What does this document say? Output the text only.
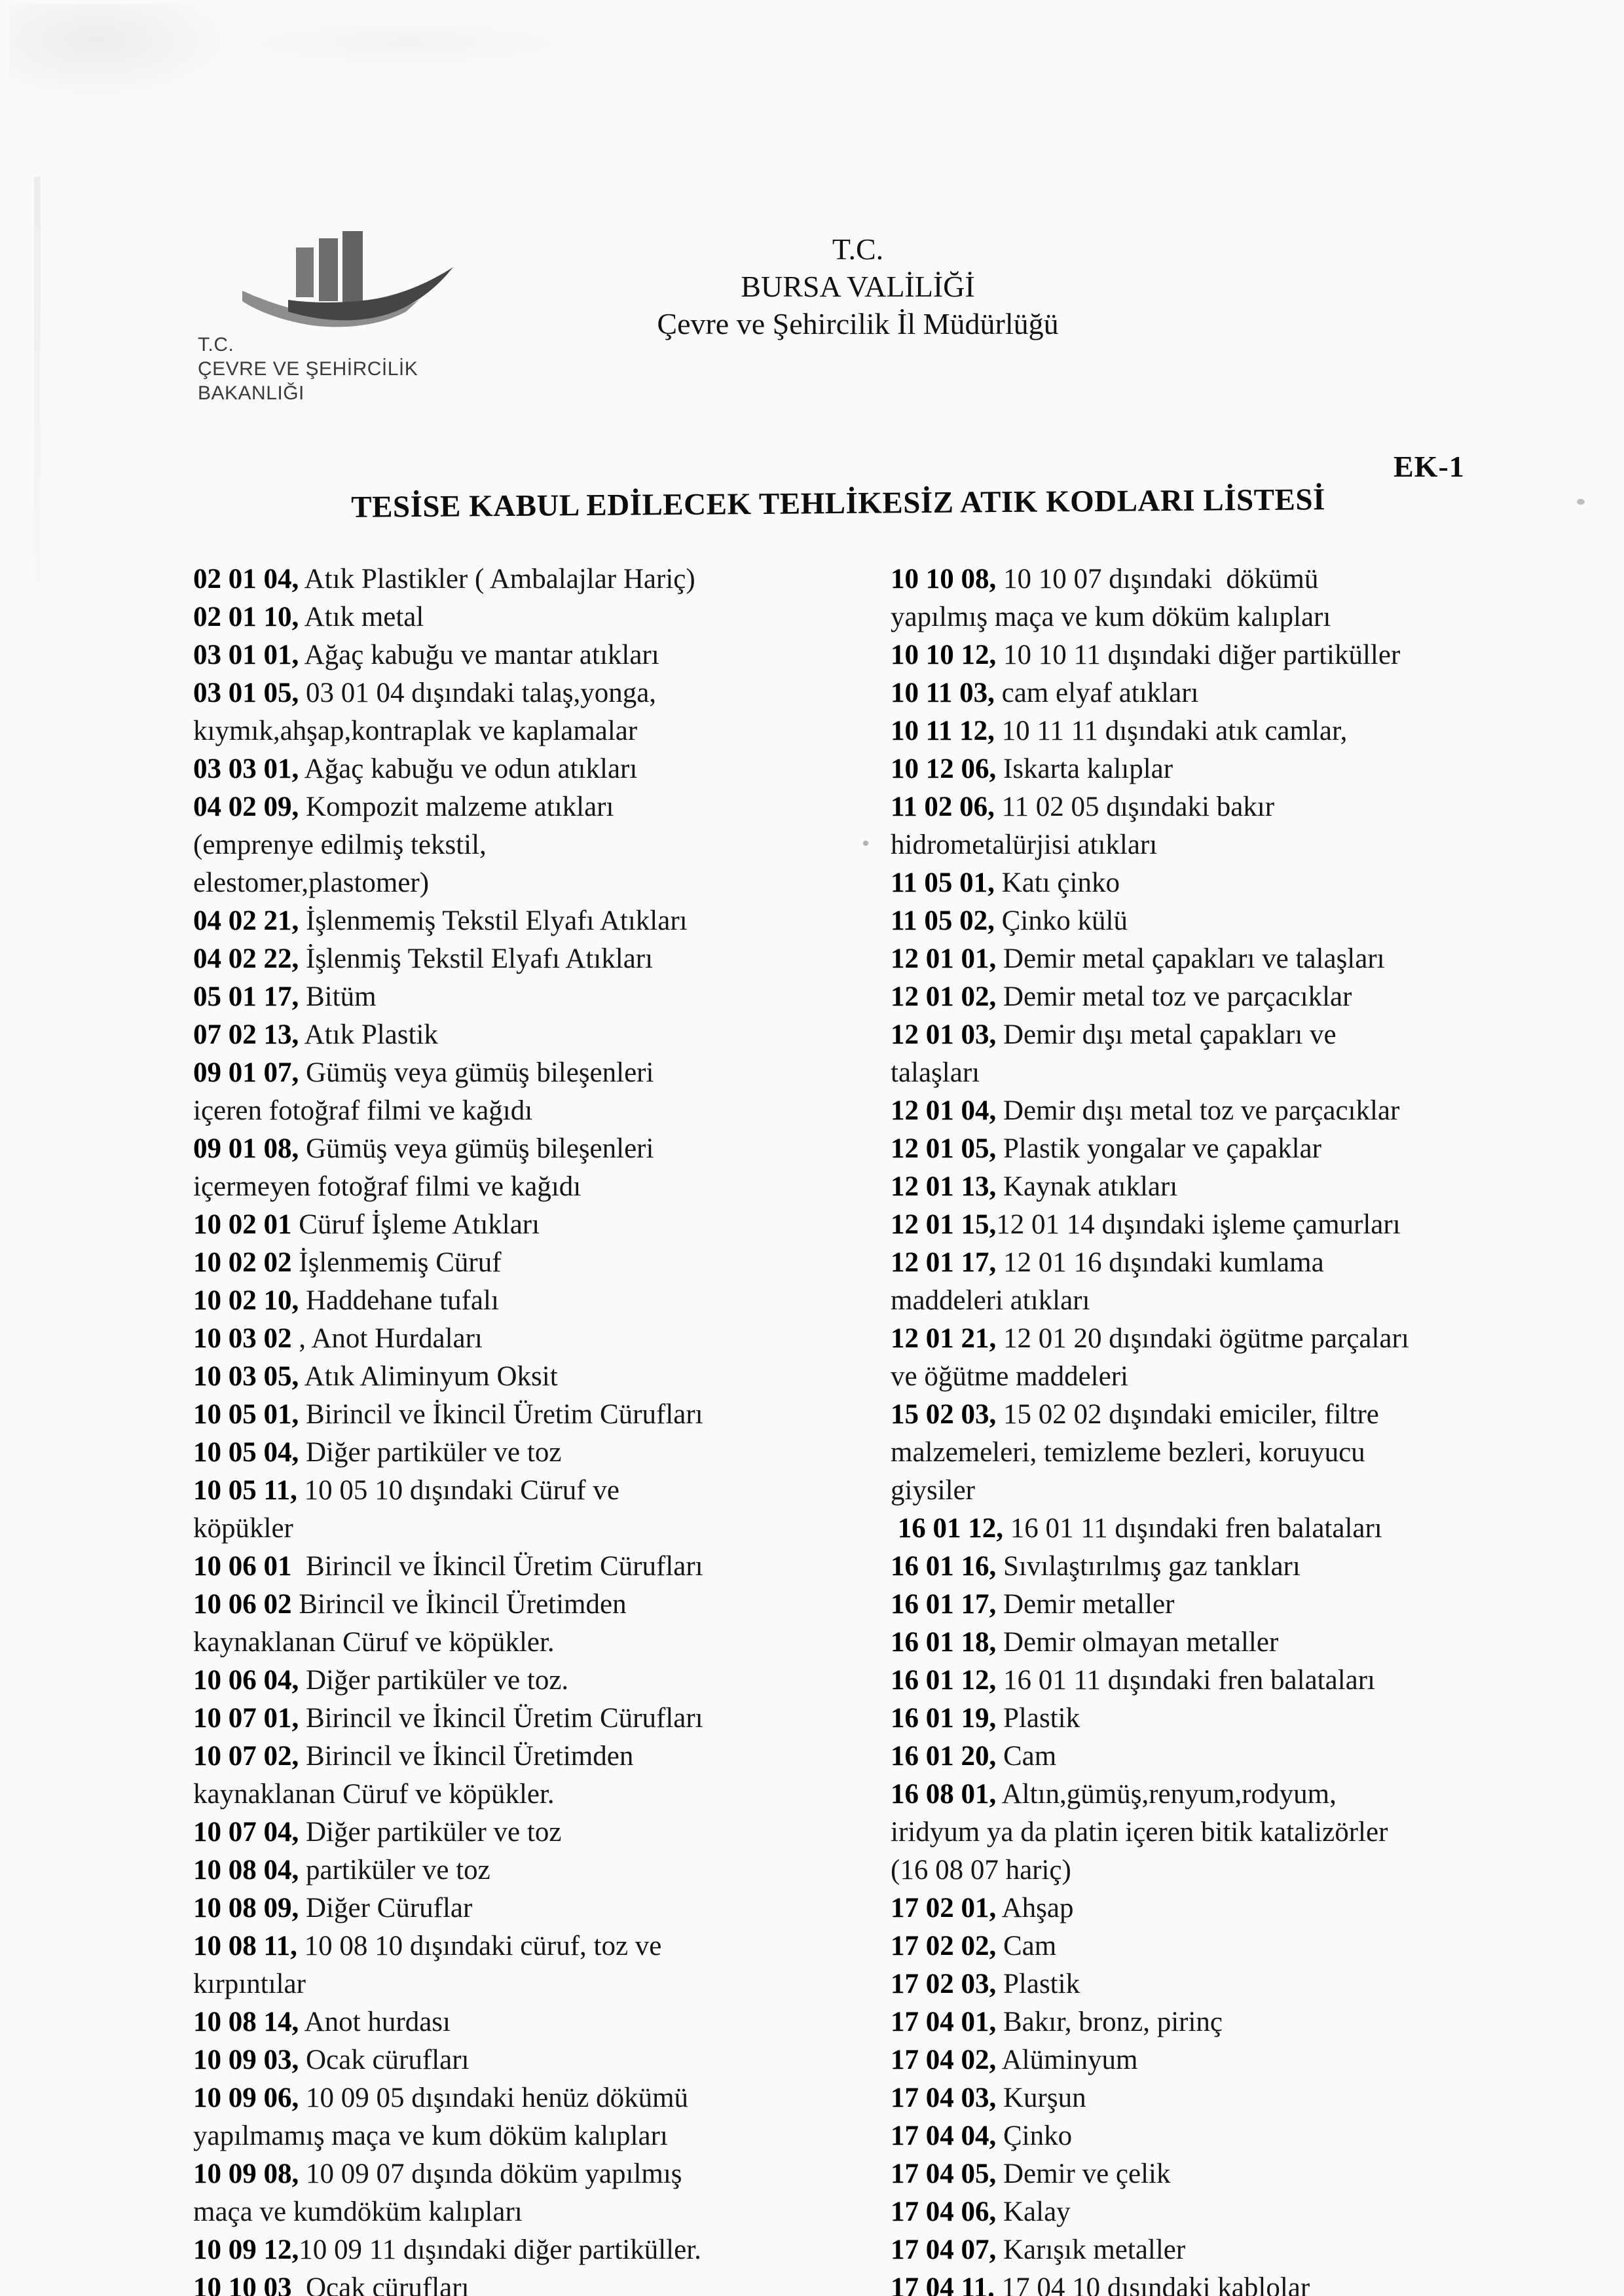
T.C.
ÇEVRE VE ŞEHİRCİLİK
BAKANLIĞI
T.C.
BURSA VALİLİĞİ
Çevre ve Şehircilik İl Müdürlüğü
EK-1
TESİSE KABUL EDİLECEK TEHLİKESİZ ATIK KODLARI LİSTESİ
02 01 04, Atık Plastikler ( Ambalajlar Hariç)
02 01 10, Atık metal
03 01 01, Ağaç kabuğu ve mantar atıkları
03 01 05, 03 01 04 dışındaki talaş,yonga,
kıymık,ahşap,kontraplak ve kaplamalar
03 03 01, Ağaç kabuğu ve odun atıkları
04 02 09, Kompozit malzeme atıkları
(emprenye edilmiş tekstil,
elestomer,plastomer)
04 02 21, İşlenmemiş Tekstil Elyafı Atıkları
04 02 22, İşlenmiş Tekstil Elyafı Atıkları
05 01 17, Bitüm
07 02 13, Atık Plastik
09 01 07, Gümüş veya gümüş bileşenleri
içeren fotoğraf filmi ve kağıdı
09 01 08, Gümüş veya gümüş bileşenleri
içermeyen fotoğraf filmi ve kağıdı
10 02 01 Cüruf İşleme Atıkları
10 02 02 İşlenmemiş Cüruf
10 02 10, Haddehane tufalı
10 03 02 , Anot Hurdaları
10 03 05, Atık Aliminyum Oksit
10 05 01, Birincil ve İkincil Üretim Cürufları
10 05 04, Diğer partiküler ve toz
10 05 11, 10 05 10 dışındaki Cüruf ve
köpükler
10 06 01  Birincil ve İkincil Üretim Cürufları
10 06 02 Birincil ve İkincil Üretimden
kaynaklanan Cüruf ve köpükler.
10 06 04, Diğer partiküler ve toz.
10 07 01, Birincil ve İkincil Üretim Cürufları
10 07 02, Birincil ve İkincil Üretimden
kaynaklanan Cüruf ve köpükler.
10 07 04, Diğer partiküler ve toz
10 08 04, partiküler ve toz
10 08 09, Diğer Cüruflar
10 08 11, 10 08 10 dışındaki cüruf, toz ve
kırpıntılar
10 08 14, Anot hurdası
10 09 03, Ocak cürufları
10 09 06, 10 09 05 dışındaki henüz dökümü
yapılmamış maça ve kum döküm kalıpları
10 09 08, 10 09 07 dışında döküm yapılmış
maça ve kumdöküm kalıpları
10 09 12,10 09 11 dışındaki diğer partiküller.
10 10 03  Ocak cürufları
10 10 08, 10 10 07 dışındaki  dökümü
yapılmış maça ve kum döküm kalıpları
10 10 12, 10 10 11 dışındaki diğer partiküller
10 11 03, cam elyaf atıkları
10 11 12, 10 11 11 dışındaki atık camlar,
10 12 06, Iskarta kalıplar
11 02 06, 11 02 05 dışındaki bakır
hidrometalürjisi atıkları
11 05 01, Katı çinko
11 05 02, Çinko külü
12 01 01, Demir metal çapakları ve talaşları
12 01 02, Demir metal toz ve parçacıklar
12 01 03, Demir dışı metal çapakları ve
talaşları
12 01 04, Demir dışı metal toz ve parçacıklar
12 01 05, Plastik yongalar ve çapaklar
12 01 13, Kaynak atıkları
12 01 15,12 01 14 dışındaki işleme çamurları
12 01 17, 12 01 16 dışındaki kumlama
maddeleri atıkları
12 01 21, 12 01 20 dışındaki ögütme parçaları
ve öğütme maddeleri
15 02 03, 15 02 02 dışındaki emiciler, filtre
malzemeleri, temizleme bezleri, koruyucu
giysiler
16 01 12, 16 01 11 dışındaki fren balataları
16 01 16, Sıvılaştırılmış gaz tankları
16 01 17, Demir metaller
16 01 18, Demir olmayan metaller
16 01 12, 16 01 11 dışındaki fren balataları
16 01 19, Plastik
16 01 20, Cam
16 08 01, Altın,gümüş,renyum,rodyum,
iridyum ya da platin içeren bitik katalizörler
(16 08 07 hariç)
17 02 01, Ahşap
17 02 02, Cam
17 02 03, Plastik
17 04 01, Bakır, bronz, pirinç
17 04 02, Alüminyum
17 04 03, Kurşun
17 04 04, Çinko
17 04 05, Demir ve çelik
17 04 06, Kalay
17 04 07, Karışık metaller
17 04 11. 17 04 10 dısındaki kablolar
